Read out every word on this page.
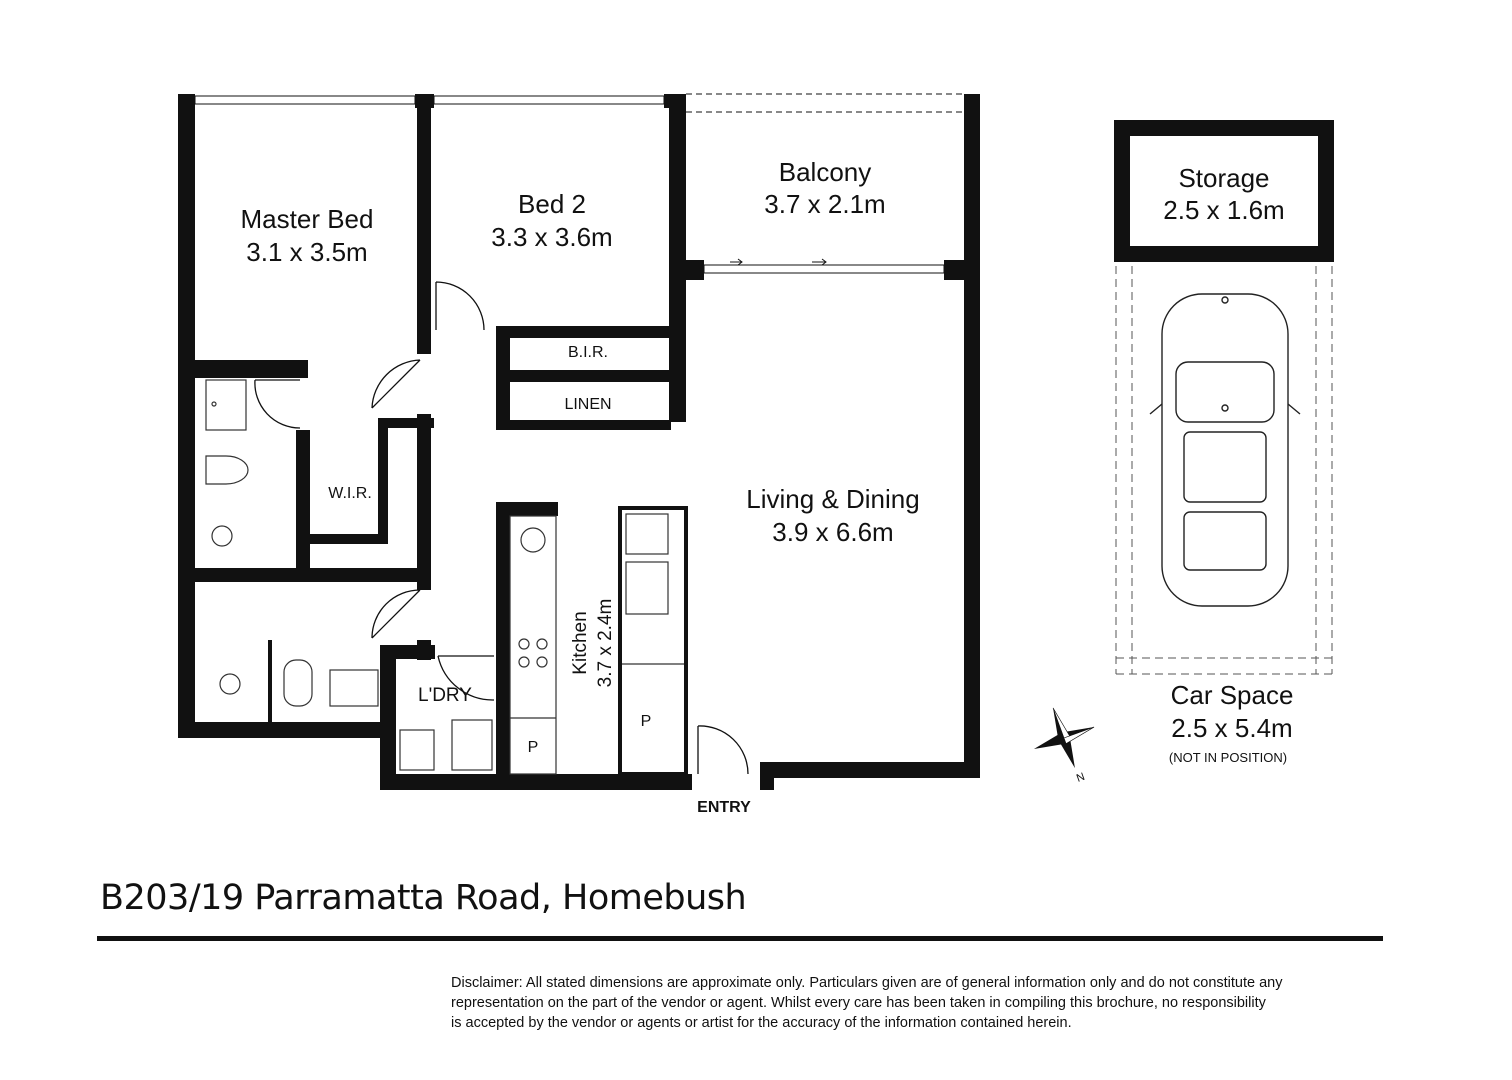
N
Master Bed
3.1 x 3.5m
Bed 2
3.3 x 3.6m
Balcony
3.7 x 2.1m
B.I.R.
LINEN
W.I.R.	Living & Dining
3.9 x 6.6m
L'DRY
P
P
ENTRY
Kitchen 3.7 x 2.4m
Storage
2.5 x 1.6m
Car Space
2.5 x 5.4m
(NOT IN POSITION)
B203/19 Parramatta Road, Homebush
Disclaimer: All stated dimensions are approximate only. Particulars given are of general information only and do not constitute any
representation on the part of the vendor or agent. Whilst every care has been taken in compiling this brochure, no responsibility
is accepted by the vendor or agents or artist for the accuracy of the information contained herein.
